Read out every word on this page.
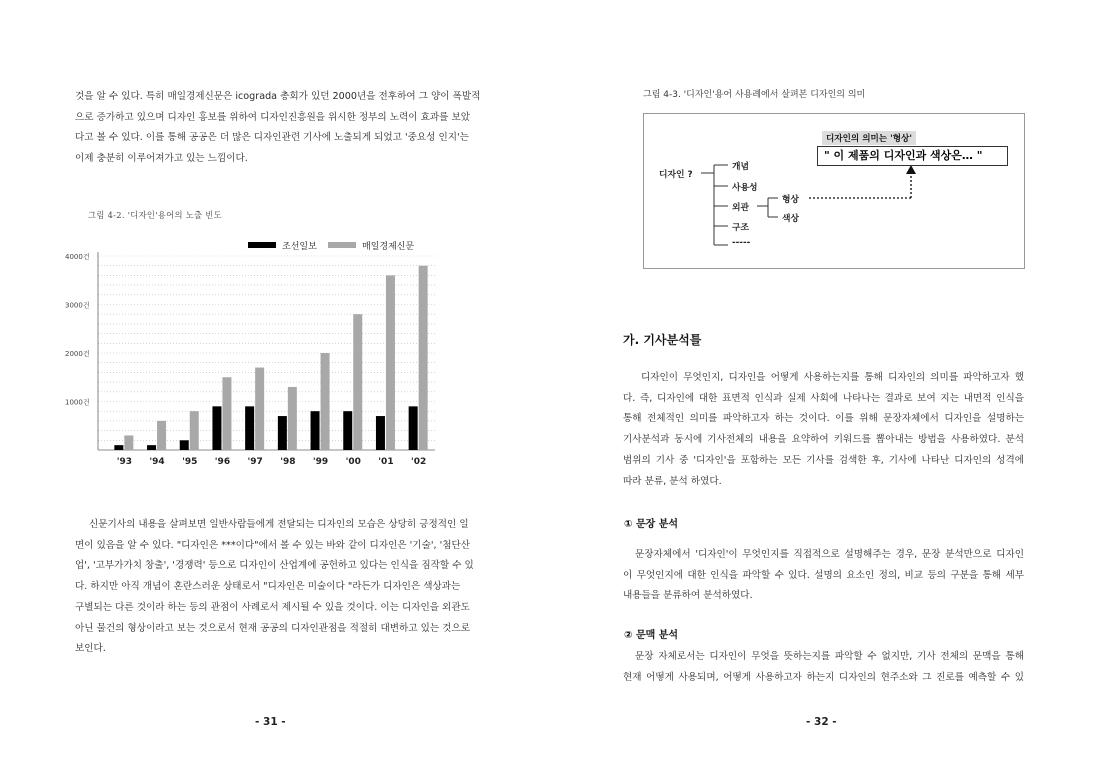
것을 알 수 있다. 특히 매일경제신문은 icograda 총회가 있던 2000년을 전후하여 그 양이 폭발적
으로 증가하고 있으며 디자인 홍보를 위하여 디자인진흥원을 위시한 정부의 노력이 효과를 보았
다고 볼 수 있다. 이를 통해 공공은 더 많은 디자인관련 기사에 노출되게 되었고 '중요성 인지'는
이제 충분히 이루어져가고 있는 느낌이다.
그림 4-2. '디자인'용어의 노출 빈도
1000건
2000건
3000건
4000건
'93 '94 '95 '96 '97 '98 '99 '00 '01 '02
조선일보	매일경제신문
신문기사의 내용을 살펴보면 일반사람들에게 전달되는 디자인의 모습은 상당히 긍정적인 일
면이 있음을 알 수 있다. "디자인은 ***이다"에서 볼 수 있는 바와 같이 디자인은 '기술', '첨단산
업', '고부가가치 창출', '경쟁력' 등으로 디자인이 산업계에 공헌하고 있다는 인식을 짐작할 수 있
다. 하지만 아직 개념이 혼란스러운 상태로서 "디자인은 미술이다 "라든가 디자인은 색상과는
구별되는 다른 것이라 하는 등의 관점이 사례로서 제시될 수 있을 것이다. 이는 디자인을 외관도
아닌 물건의 형상이라고 보는 것으로서 현재 공공의 디자인관점을 적절히 대변하고 있는 것으로
보인다.
- 31 -
그림 4-3. '디자인'용어 사용례에서 살펴본 디자인의 의미
디자인 ?
개념
사용성
외관
구조
-----
형상
색상
디자인의 의미는 '형상'
" 이 제품의 디자인과 색상은… "
가. 기사분석틀
디자인이 무엇인지, 디자인을 어떻게 사용하는지를 통해 디자인의 의미를 파악하고자 했
다. 즉, 디자인에 대한 표면적 인식과 실제 사회에 나타나는 결과로 보여 지는 내면적 인식을
통해 전체적인 의미를 파악하고자 하는 것이다. 이를 위해 문장자체에서 디자인을 설명하는
기사분석과 동시에 기사전체의 내용을 요약하여 키워드를 뽑아내는 방법을 사용하였다. 분석
범위의 기사 중 '디자인'을 포함하는 모든 기사를 검색한 후, 기사에 나타난 디자인의 성격에
따라 분류, 분석 하였다.
① 문장 분석
문장자체에서 '디자인'이 무엇인지를 직접적으로 설명해주는 경우, 문장 분석만으로 디자인
이 무엇인지에 대한 인식을 파악할 수 있다. 설명의 요소인 정의, 비교 등의 구분을 통해 세부
내용들을 분류하여 분석하였다.
② 문맥 분석
문장 자체로서는 디자인이 무엇을 뜻하는지를 파악할 수 없지만, 기사 전체의 문맥을 통해
현재 어떻게 사용되며, 어떻게 사용하고자 하는지 디자인의 현주소와 그 진로를 예측할 수 있
- 32 -
